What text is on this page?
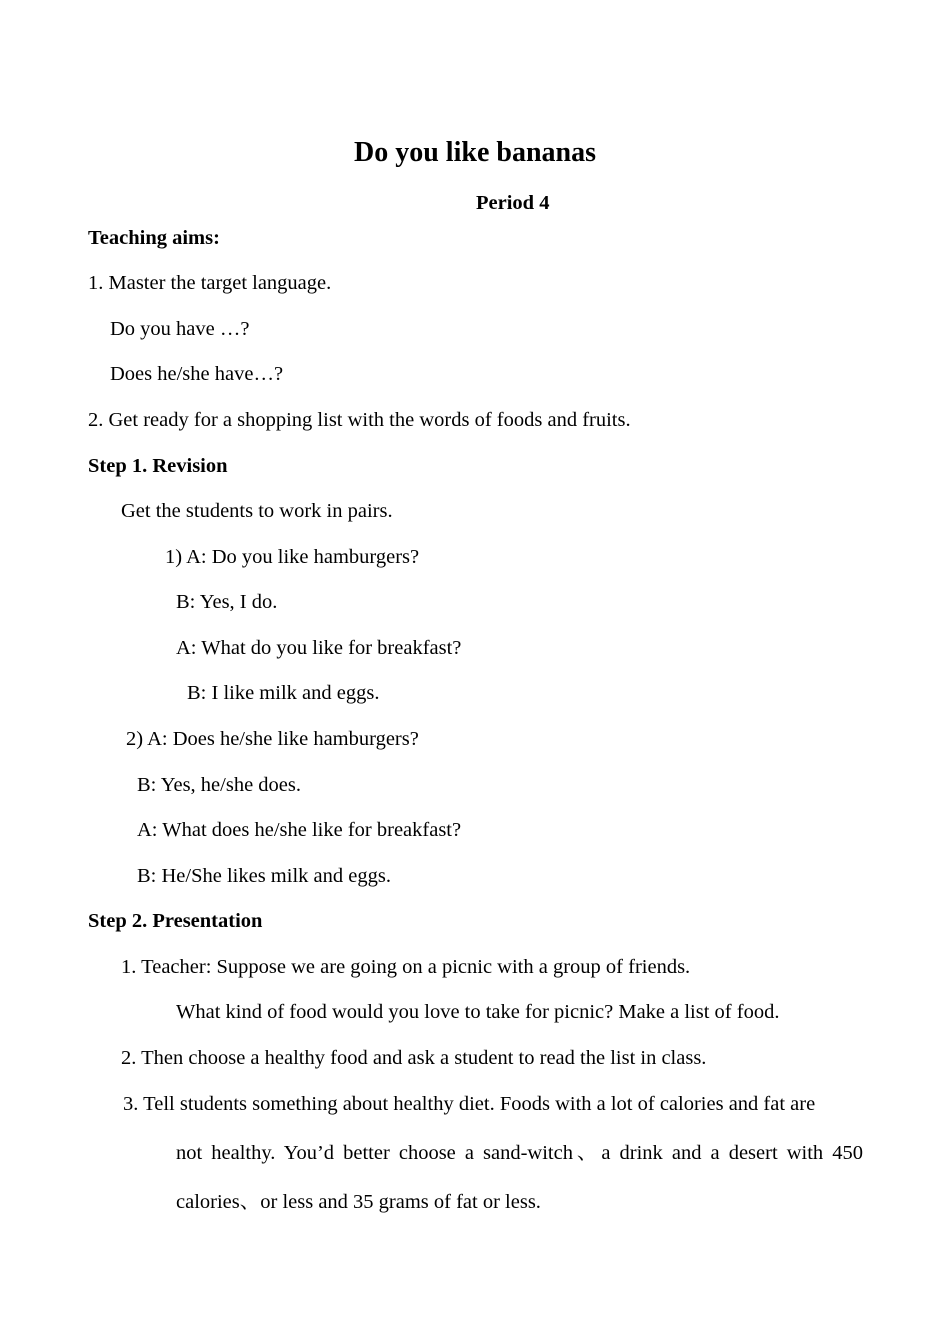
Do you like bananas
Period 4
Teaching aims:
1. Master the target language.
Do you have …?
Does he/she have…?
2. Get ready for a shopping list with the words of foods and fruits.
Step 1. Revision
Get the students to work in pairs.
1) A: Do you like hamburgers?
B: Yes, I do.
A: What do you like for breakfast?
B: I like milk and eggs.
2) A: Does he/she like hamburgers?
B: Yes, he/she does.
A: What does he/she like for breakfast?
B: He/She likes milk and eggs.
Step 2. Presentation
1. Teacher: Suppose we are going on a picnic with a group of friends.
What kind of food would you love to take for picnic? Make a list of food.
2. Then choose a healthy food and ask a student to read the list in class.
3. Tell students something about healthy diet. Foods with a lot of calories and fat are
not healthy. You’d better choose a sand-witch、a drink and a desert with 450
calories、or less and 35 grams of fat or less.
